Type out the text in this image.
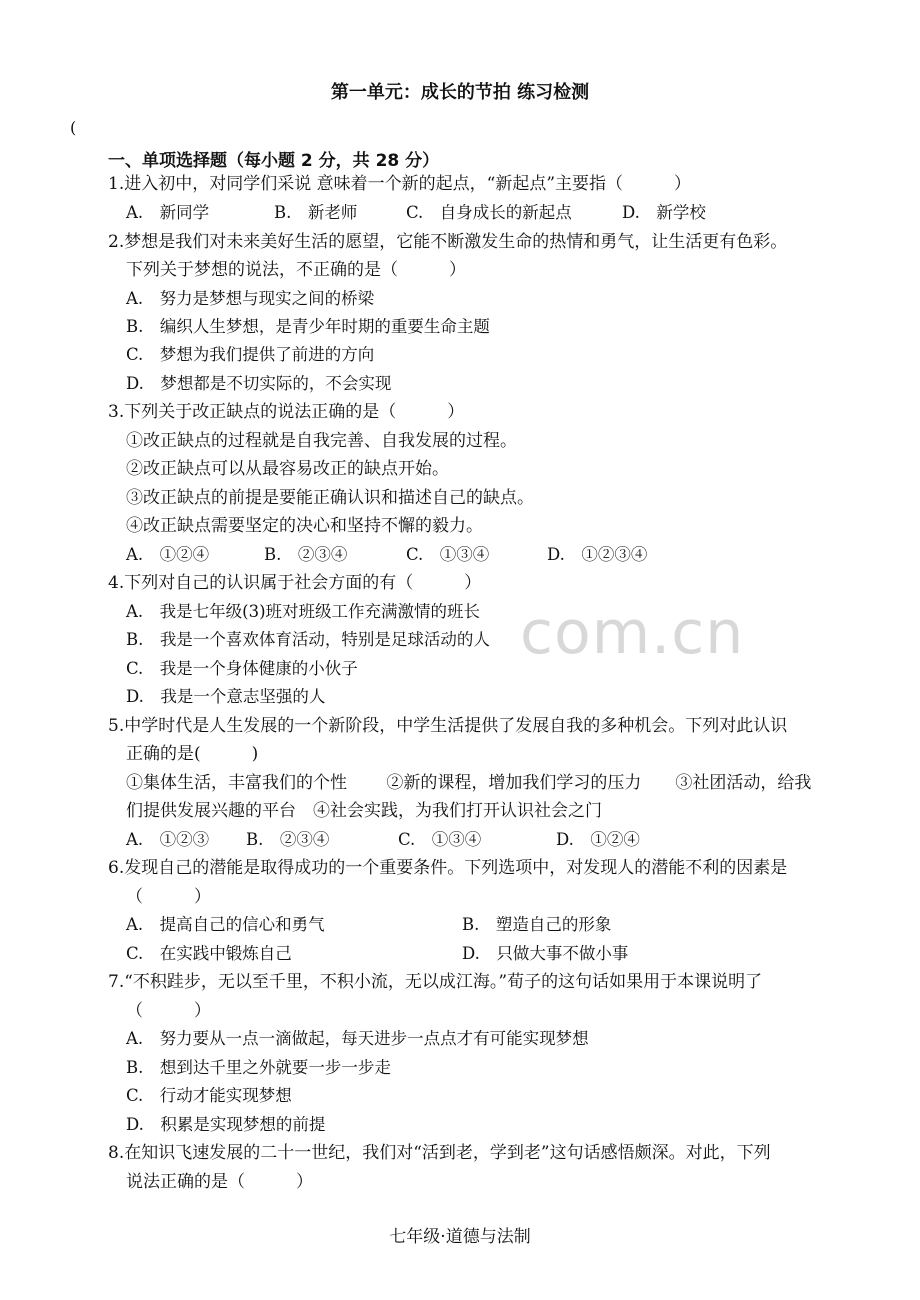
第一单元：成长的节拍 练习检测
(
一、单项选择题（每小题 2 分，共 28 分）
com.cn
1.进入初中，对同学们采说 意味着一个新的起点，“新起点”主要指（　　　）
A.　新同学	B.　新老师	C.　自身成长的新起点	D.　新学校
2.梦想是我们对未来美好生活的愿望，它能不断激发生命的热情和勇气，让生活更有色彩。
下列关于梦想的说法，不正确的是（　　　）
A.　努力是梦想与现实之间的桥梁
B.　编织人生梦想，是青少年时期的重要生命主题
C.　梦想为我们提供了前进的方向
D.　梦想都是不切实际的，不会实现
3.下列关于改正缺点的说法正确的是（　　　）
①改正缺点的过程就是自我完善、自我发展的过程。
②改正缺点可以从最容易改正的缺点开始。
③改正缺点的前提是要能正确认识和描述自己的缺点。
④改正缺点需要坚定的决心和坚持不懈的毅力。
A.　①②④	B.　②③④	C.　①③④	D.　①②③④
4.下列对自己的认识属于社会方面的有（　　　）
A.　我是七年级(3)班对班级工作充满激情的班长
B.　我是一个喜欢体育活动，特别是足球活动的人
C.　我是一个身体健康的小伙子
D.　我是一个意志坚强的人
5.中学时代是人生发展的一个新阶段，中学生活提供了发展自我的多种机会。下列对此认识
正确的是(　　　)
①集体生活，丰富我们的个性　　 ②新的课程，增加我们学习的压力　　③社团活动，给我
们提供发展兴趣的平台　④社会实践，为我们打开认识社会之门
A.　①②③ B.　②③④	C.　①③④	D.　①②④
6.发现自己的潜能是取得成功的一个重要条件。下列选项中，对发现人的潜能不利的因素是
（　　　）
A.　提高自己的信心和勇气	B.　塑造自己的形象
C.　在实践中锻炼自己	D.　只做大事不做小事
7.“不积跬步，无以至千里，不积小流，无以成江海。”荀子的这句话如果用于本课说明了
（　　　）
A.　努力要从一点一滴做起，每天进步一点点才有可能实现梦想
B.　想到达千里之外就要一步一步走
C.　行动才能实现梦想
D.　积累是实现梦想的前提
8.在知识飞速发展的二十一世纪，我们对“活到老，学到老”这句话感悟颇深。对此，下列
说法正确的是（　　　）
七年级·道德与法制
